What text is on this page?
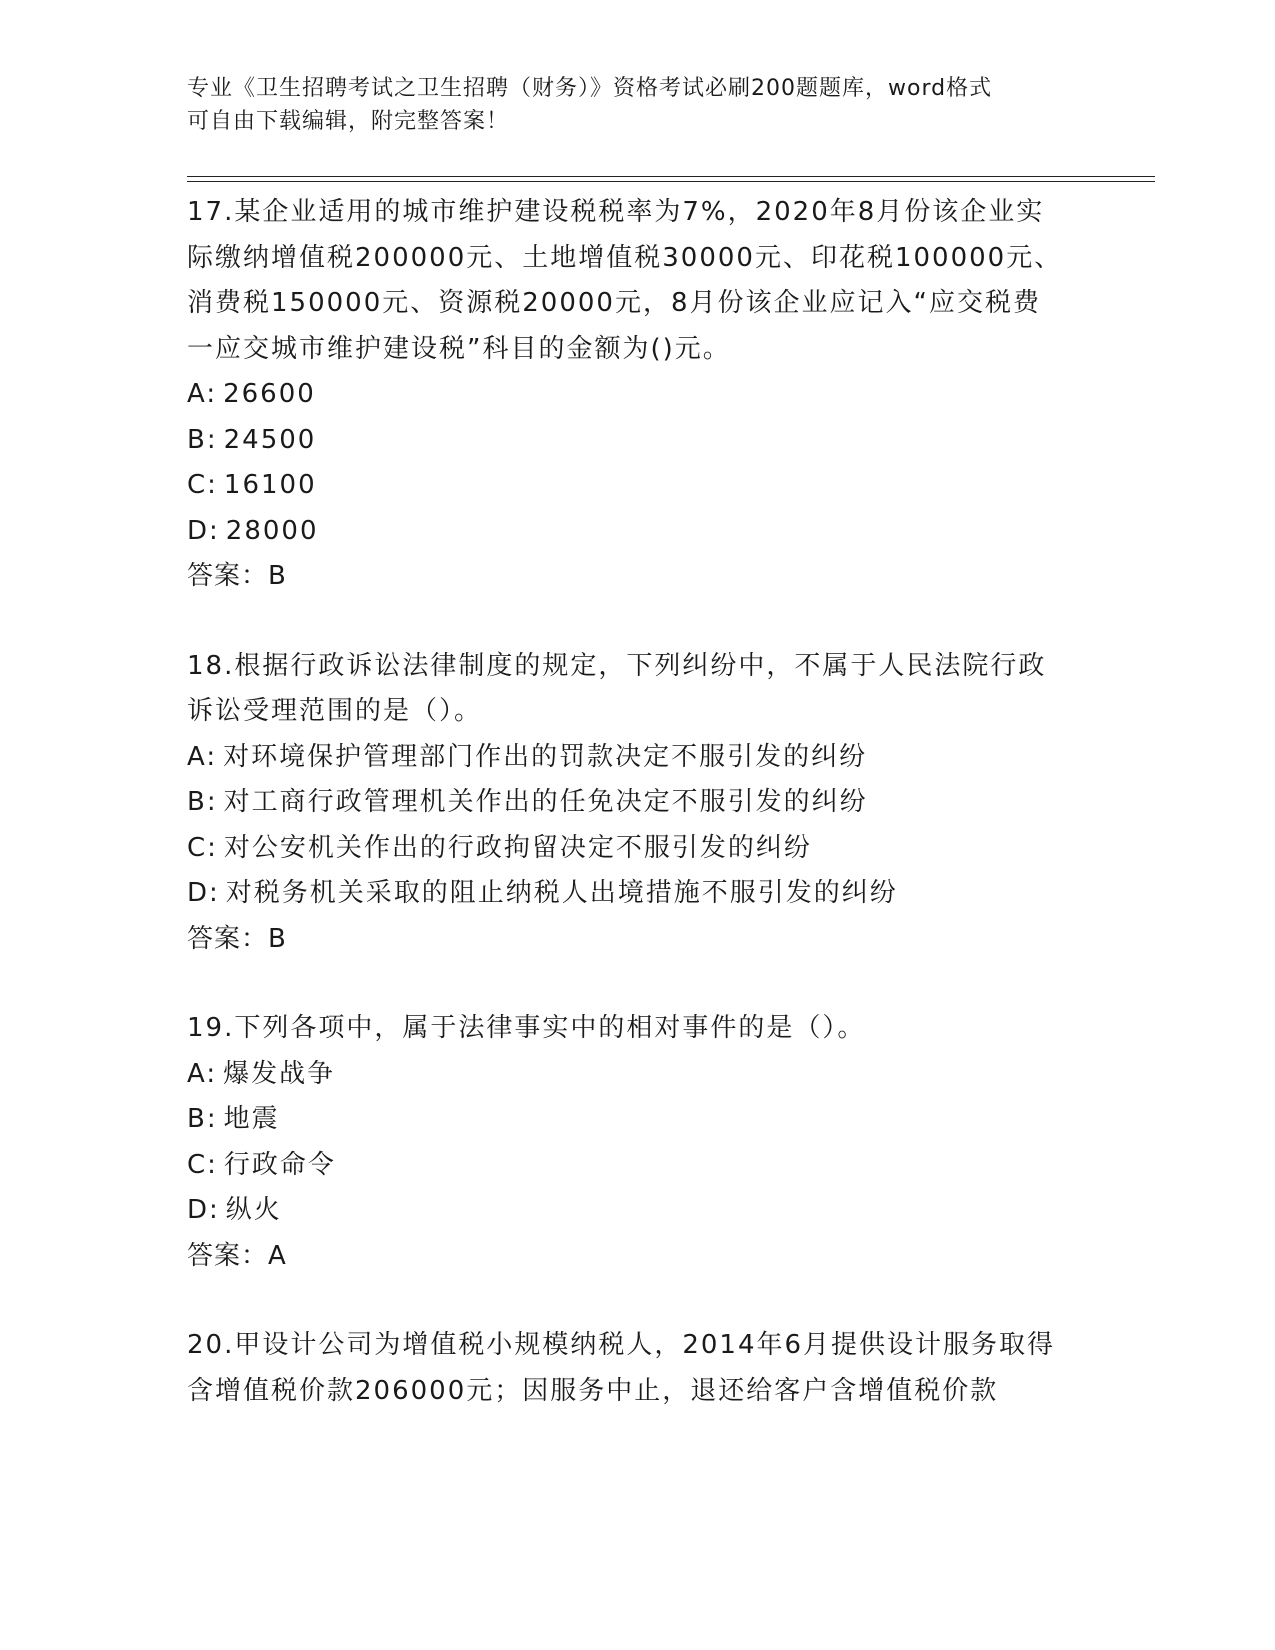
专业《卫生招聘考试之卫生招聘（财务）》资格考试必刷200题题库，word格式
可自由下载编辑，附完整答案！

17.某企业适用的城市维护建设税税率为7%，2020年8月份该企业实

际缴纳增值税200000元、土地增值税30000元、印花税100000元、

消费税150000元、资源税20000元，8月份该企业应记入“应交税费

一应交城市维护建设税”科目的金额为()元。

A: 26600

B: 24500

C: 16100

D: 28000

答案：B

18.根据行政诉讼法律制度的规定，下列纠纷中，不属于人民法院行政

诉讼受理范围的是（）。

A: 对环境保护管理部门作出的罚款决定不服引发的纠纷

B: 对工商行政管理机关作出的任免决定不服引发的纠纷

C: 对公安机关作出的行政拘留决定不服引发的纠纷

D: 对税务机关采取的阻止纳税人出境措施不服引发的纠纷

答案：B

19.下列各项中，属于法律事实中的相对事件的是（）。

A: 爆发战争

B: 地震

C: 行政命令

D: 纵火

答案：A

20.甲设计公司为增值税小规模纳税人，2014年6月提供设计服务取得

含增值税价款206000元；因服务中止，退还给客户含增值税价款
